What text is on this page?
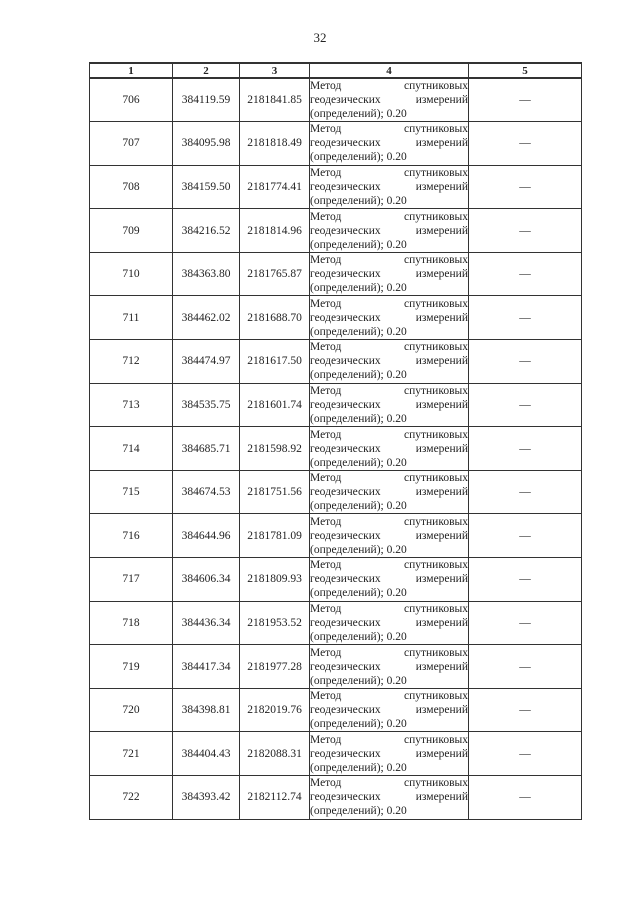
32
1	2	3	4	5
706	384119.59	2181841.85	Метод спутниковых
геодезических измерений
(определений); 0.20	—
707	384095.98	2181818.49	Метод спутниковых
геодезических измерений
(определений); 0.20	—
708	384159.50	2181774.41	Метод спутниковых
геодезических измерений
(определений); 0.20	—
709	384216.52	2181814.96	Метод спутниковых
геодезических измерений
(определений); 0.20	—
710	384363.80	2181765.87	Метод спутниковых
геодезических измерений
(определений); 0.20	—
711	384462.02	2181688.70	Метод спутниковых
геодезических измерений
(определений); 0.20	—
712	384474.97	2181617.50	Метод спутниковых
геодезических измерений
(определений); 0.20	—
713	384535.75	2181601.74	Метод спутниковых
геодезических измерений
(определений); 0.20	—
714	384685.71	2181598.92	Метод спутниковых
геодезических измерений
(определений); 0.20	—
715	384674.53	2181751.56	Метод спутниковых
геодезических измерений
(определений); 0.20	—
716	384644.96	2181781.09	Метод спутниковых
геодезических измерений
(определений); 0.20	—
717	384606.34	2181809.93	Метод спутниковых
геодезических измерений
(определений); 0.20	—
718	384436.34	2181953.52	Метод спутниковых
геодезических измерений
(определений); 0.20	—
719	384417.34	2181977.28	Метод спутниковых
геодезических измерений
(определений); 0.20	—
720	384398.81	2182019.76	Метод спутниковых
геодезических измерений
(определений); 0.20	—
721	384404.43	2182088.31	Метод спутниковых
геодезических измерений
(определений); 0.20	—
722	384393.42	2182112.74	Метод спутниковых
геодезических измерений
(определений); 0.20	—
